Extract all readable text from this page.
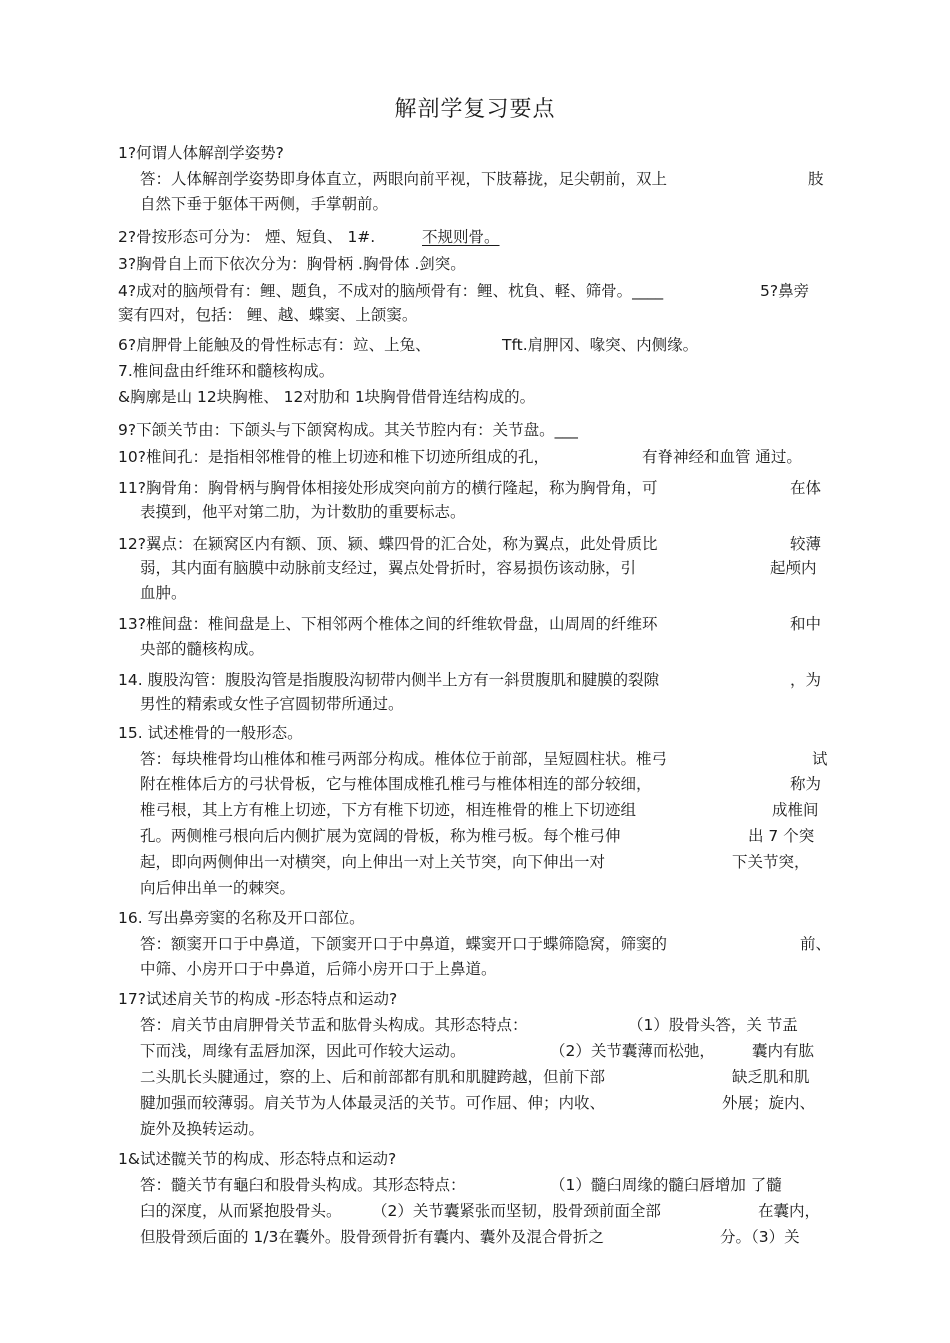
解剖学复习要点
1?何谓人体解剖学姿势?
答：人体解剖学姿势即身体直立，两眼向前平视，下肢幕拢，足尖朝前，双上	肢
自然下垂于躯体干两侧，手掌朝前。
2?骨按形态可分为： 煙、短負、 1#.	不规则骨。
3?胸骨自上而下依次分为：胸骨柄 .胸骨体 .剑突。
4?成对的脑颅骨有：鲤、题負，不成对的脑颅骨有：鲤、枕負、軽、筛骨。____	5?鼻旁
窦有四对，包括： 鲤、越、蝶窦、上颌窦。
6?肩胛骨上能触及的骨性标志有：竝、上兔、	Tft.肩胛冈、喙突、内侧缘。
7.椎间盘由纤维环和髓核构成。
&胸廓是山 12块胸椎、 12对肋和 1块胸骨借骨连结构成的。
9?下颌关节由：下颌头与下颌窝构成。其关节腔内有：关节盘。___
10?椎间孔：是指相邻椎骨的椎上切迹和椎下切迹所组成的孔，	有脊神经和血管 通过。
11?胸骨角：胸骨柄与胸骨体相接处形成突向前方的横行隆起，称为胸骨角，可	在体
表摸到，他平对第二肋，为计数肋的重要标志。
12?翼点：在颍窝区内有额、顶、颍、蝶四骨的汇合处，称为翼点，此处骨质比	较薄
弱，其内面有脑膜中动脉前支经过，翼点处骨折时，容易损伤该动脉，引	起颅内
血肿。
13?椎间盘：椎间盘是上、下相邻两个椎体之间的纤维软骨盘，山周周的纤维环	和中
央部的髓核构成。
14. 腹股沟管：腹股沟管是指腹股沟韧带内侧半上方有一斜贯腹肌和腱膜的裂隙	，为
男性的精索或女性子宫圆韧带所通过。
15. 试述椎骨的一般形态。
答：每块椎骨均山椎体和椎弓两部分构成。椎体位于前部，呈短圆柱状。椎弓	试
附在椎体后方的弓状骨板，它与椎体围成椎孔椎弓与椎体相连的部分较细，	称为
椎弓根，其上方有椎上切迹，下方有椎下切迹，相连椎骨的椎上下切迹组	成椎间
孔。两侧椎弓根向后内侧扩展为宽阔的骨板，称为椎弓板。每个椎弓伸	出 7 个突
起，即向两侧伸出一对横突，向上伸出一对上关节突，向下伸出一对	下关节突，
向后伸出单一的棘突。
16. 写出鼻旁窦的名称及开口部位。
答：额窦开口于中鼻道，下颌窦开口于中鼻道，蝶窦开口于蝶筛隐窝，筛窦的	前、
中筛、小房开口于中鼻道，后筛小房开口于上鼻道。
17?试述肩关节的构成 -形态特点和运动?
答：肩关节由肩胛骨关节盂和肱骨头构成。其形态特点：	（1）股骨头答，关 节盂
下而浅，周缘有盂唇加深，因此可作较大运动。	（2）关节囊薄而松弛， 囊内有肱
二头肌长头腱通过，察的上、后和前部都有肌和肌腱跨越，但前下部	缺乏肌和肌
腱加强而较薄弱。肩关节为人体最灵活的关节。可作屈、伸；内收、	外展；旋内、
旋外及换转运动。
1&试述髋关节的构成、形态特点和运动?
答：髓关节有龜臼和股骨头构成。其形态特点：	（1）髓臼周缘的髓臼唇增加 了髓
臼的深度，从而紧抱股骨头。 （2）关节囊紧张而坚韧，股骨颈前面全部	在囊内，
但股骨颈后面的 1/3在囊外。股骨颈骨折有囊内、囊外及混合骨折之	分。（3）关
